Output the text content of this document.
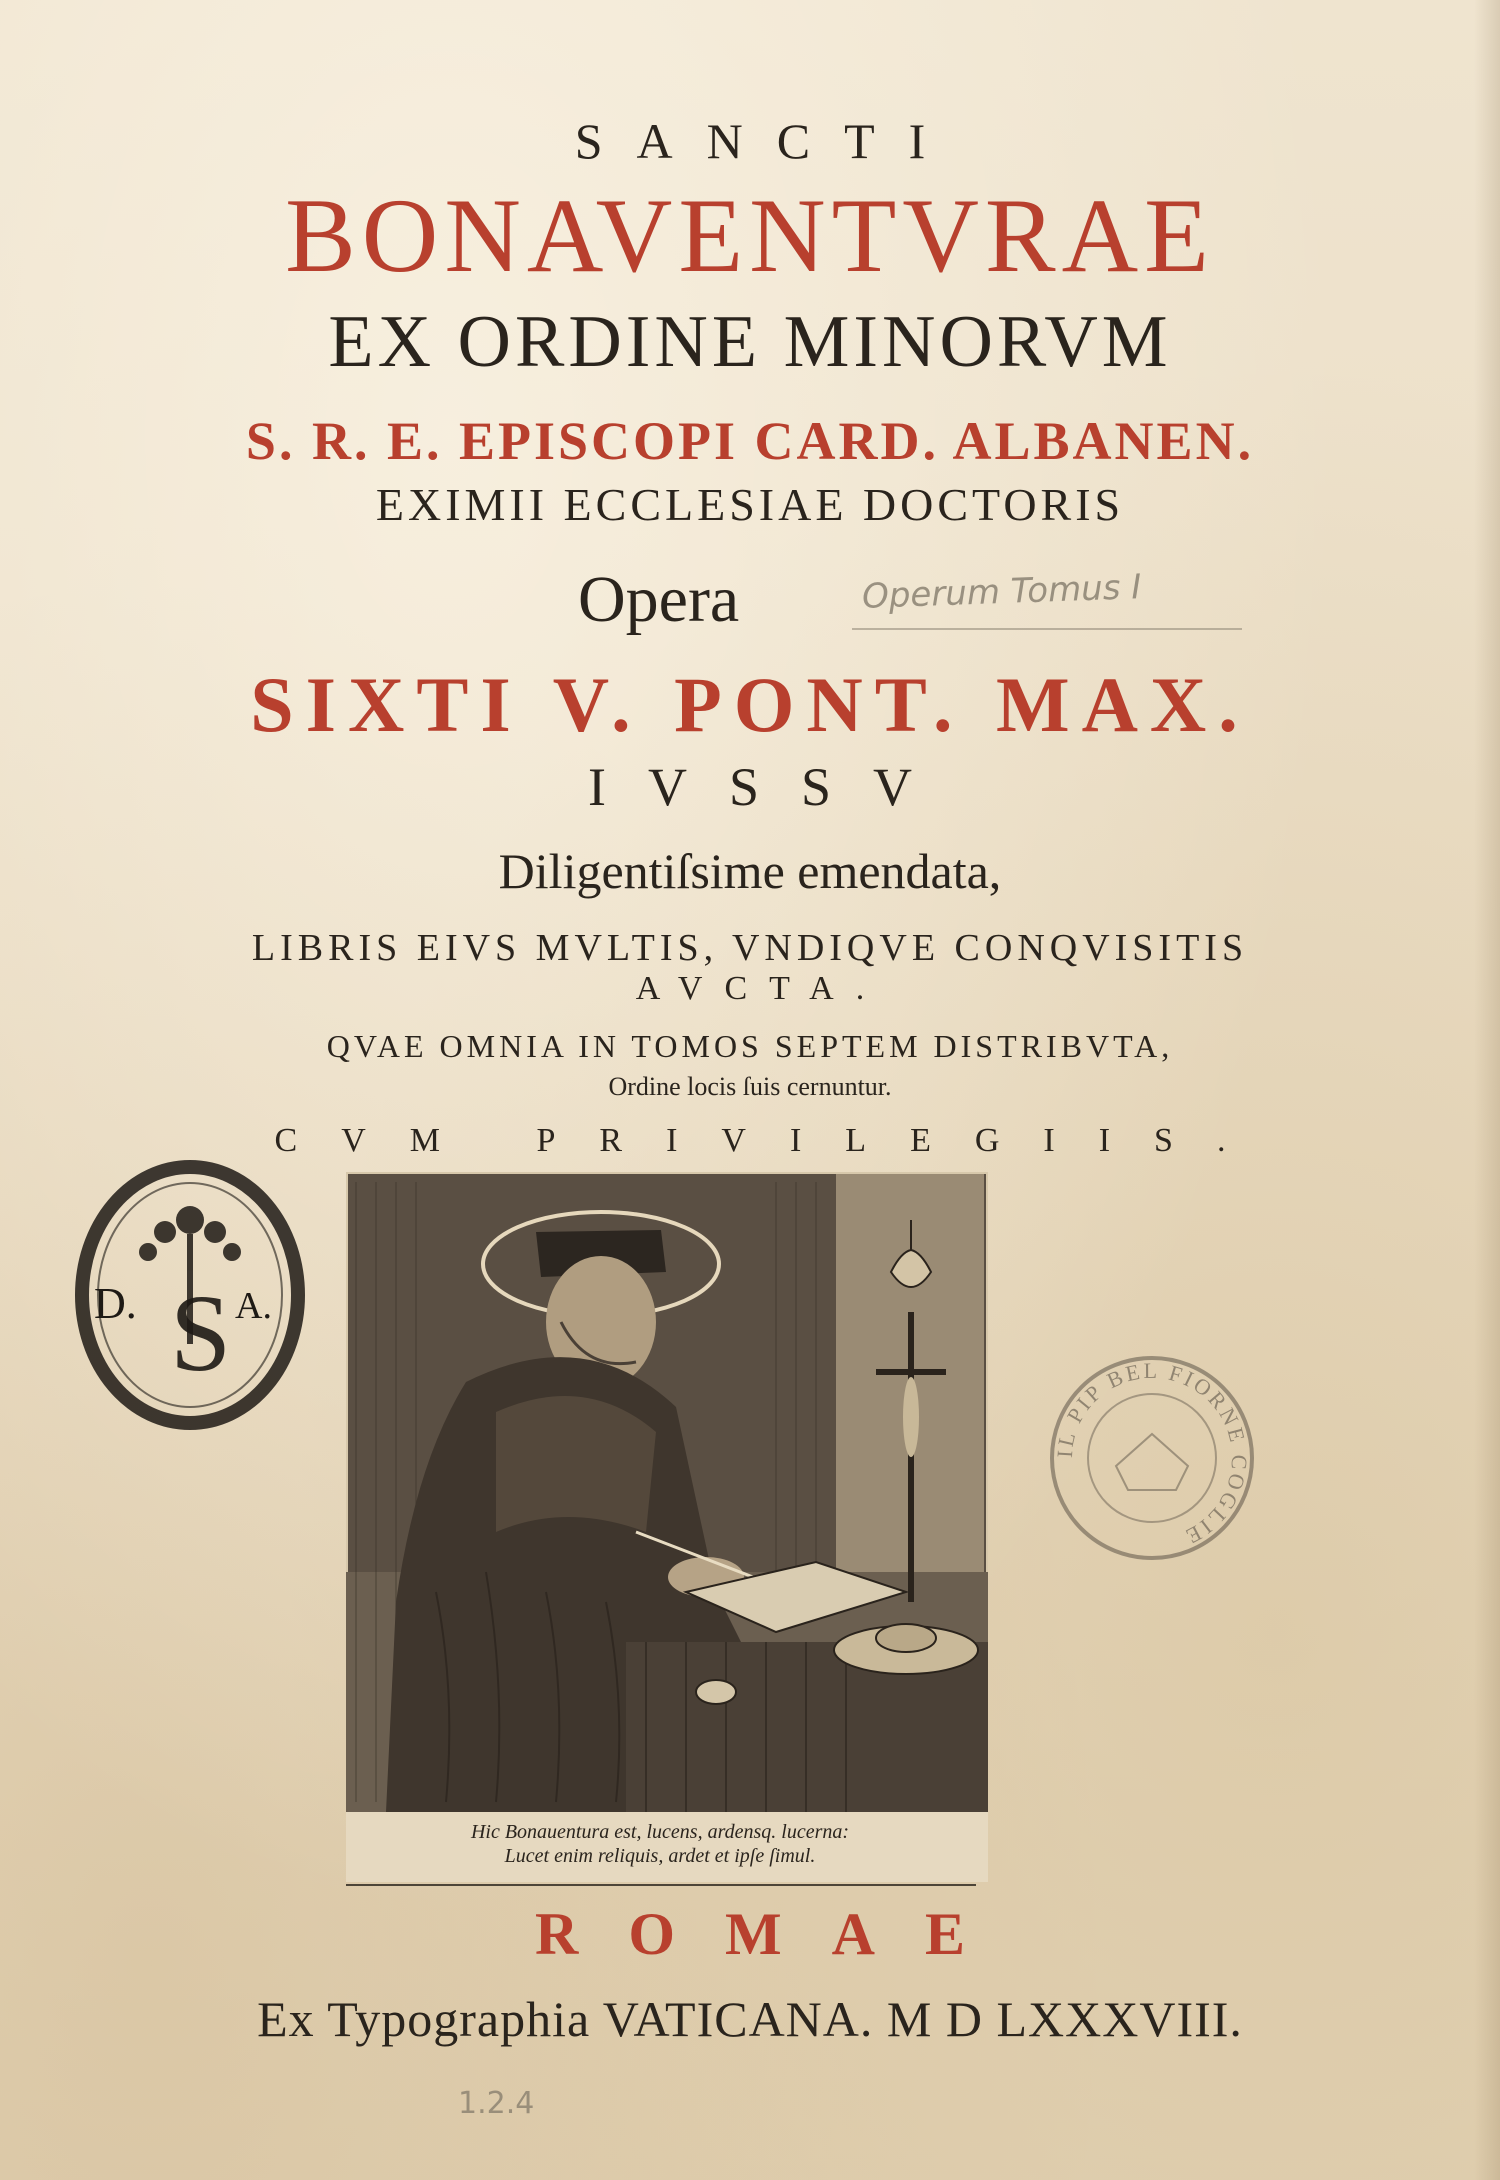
SANCTI

BONAVENTVRAE

EX ORDINE MINORVM

S. R. E. EPISCOPI CARD. ALBANEN.

EXIMII ECCLESIAE DOCTORIS

Opera

SIXTI V. PONT. MAX.

IVSSV

Diligentiſsime emendata,

LIBRIS EIVS MVLTIS, VNDIQVE CONQVISITIS

AVCTA.

QVAE OMNIA IN TOMOS SEPTEM DISTRIBVTA,

Ordine locis ſuis cernuntur.

CVM PRIVILEGIIS.

Operum Tomus I
D. S A.
Hic Bonauentura est, lucens, ardensq. lucerna:
Lucet enim reliquis, ardet et ipſe ſimul.
IL PIP BEL FIORNE COGLIE

ROMAE

Ex Typographia VATICANA. M D LXXXVIII.

1.2.4
